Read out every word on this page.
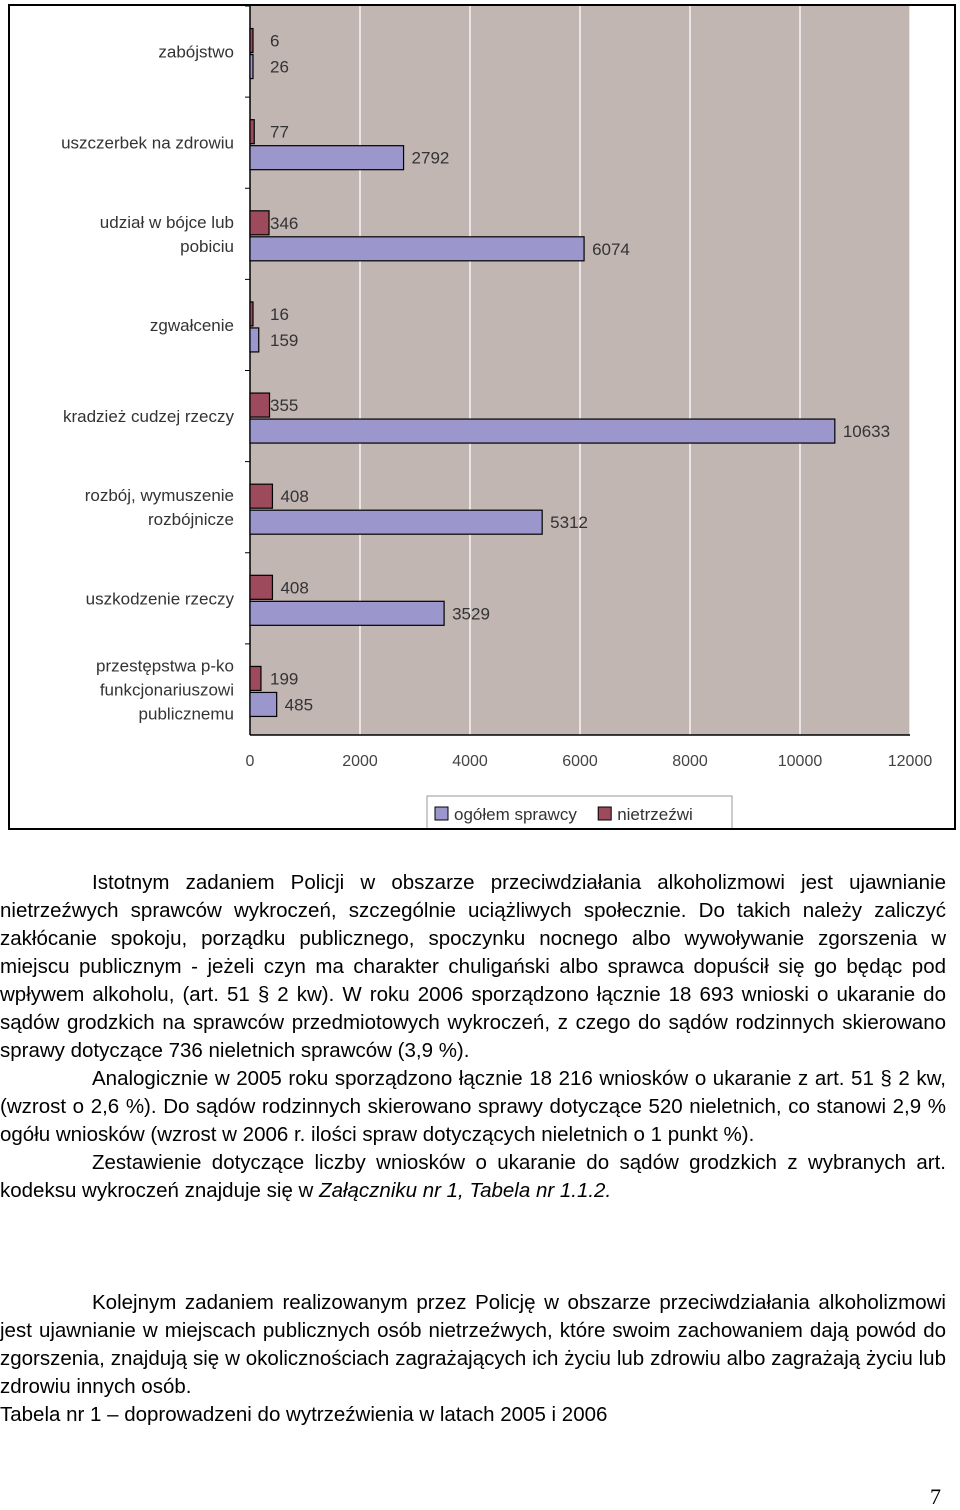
0	2000	4000	6000	8000	10000	12000
zabójstwo
6
26
uszczerbek na zdrowiu
77
2792
udział w bójce lub pobiciu
346
6074
zgwałcenie
16
159
kradzież cudzej rzeczy
355
10633
rozbój, wymuszenie rozbójnicze
408
5312
uszkodzenie rzeczy
408
3529
przestępstwa p-ko funkcjonariuszowi publicznemu
199
485
ogółem sprawcy nietrzeźwi

Istotnym zadaniem Policji w obszarze przeciwdziałania alkoholizmowi jest ujawnianie nietrzeźwych sprawców wykroczeń, szczególnie uciążliwych społecznie. Do takich należy zaliczyć zakłócanie spokoju, porządku publicznego, spoczynku nocnego albo wywoływanie zgorszenia w miejscu publicznym - jeżeli czyn ma charakter chuligański albo sprawca dopuścił się go będąc pod wpływem alkoholu, (art. 51 § 2 kw). W roku 2006 sporządzono łącznie 18 693 wnioski o ukaranie do sądów grodzkich na sprawców przedmiotowych wykroczeń, z czego do sądów rodzinnych skierowano sprawy dotyczące 736 nieletnich sprawców (3,9 %).

Analogicznie w 2005 roku sporządzono łącznie 18 216 wniosków o ukaranie z art. 51 § 2 kw, (wzrost o 2,6 %). Do sądów rodzinnych skierowano sprawy dotyczące 520 nieletnich, co stanowi 2,9 % ogółu wniosków (wzrost w 2006 r. ilości spraw dotyczących nieletnich o 1 punkt %).

Zestawienie dotyczące liczby wniosków o ukaranie do sądów grodzkich z wybranych art. kodeksu wykroczeń znajduje się w Załączniku nr 1, Tabela nr 1.1.2.

Kolejnym zadaniem realizowanym przez Policję w obszarze przeciwdziałania alkoholizmowi jest ujawnianie w miejscach publicznych osób nietrzeźwych, które swoim zachowaniem dają powód do zgorszenia, znajdują się w okolicznościach zagrażających ich życiu lub zdrowiu albo zagrażają życiu lub zdrowiu innych osób.

Tabela nr 1 – doprowadzeni do wytrzeźwienia w latach 2005 i 2006

7
